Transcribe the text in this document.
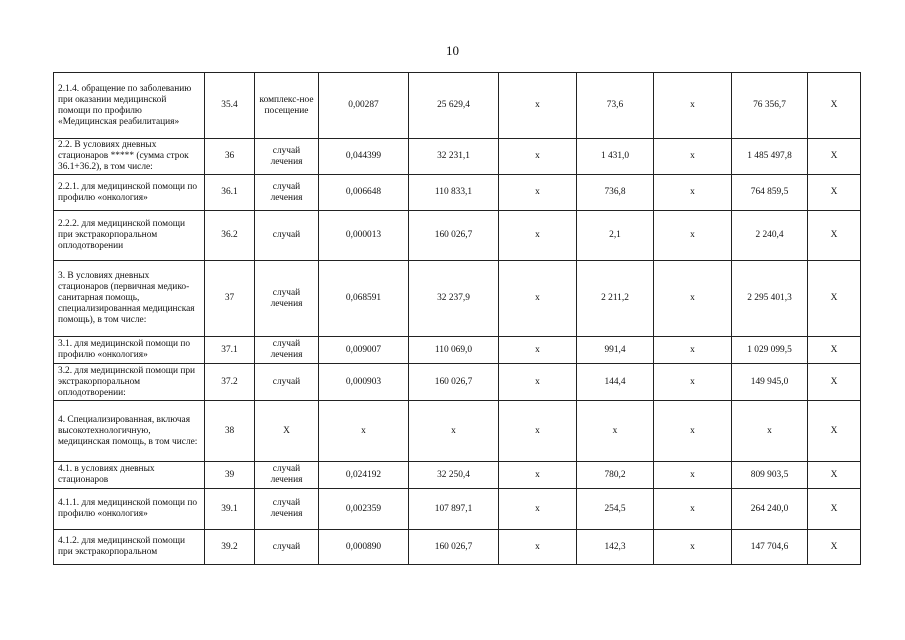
10
2.1.4. обращение по заболеванию при оказании медицинской помощи по профилю «Медицинская реабилитация»	35.4	комплекс-ное посещение	0,00287	25 629,4	x	73,6	x	76 356,7	X
2.2. В условиях дневных стационаров ***** (сумма строк 36.1+36.2), в том числе:	36	случай лечения	0,044399	32 231,1	x	1 431,0	x	1 485 497,8	X
2.2.1. для медицинской помощи по профилю «онкология»	36.1	случай лечения	0,006648	110 833,1	x	736,8	x	764 859,5	X
2.2.2. для медицинской помощи при экстракорпоральном оплодотворении	36.2	случай	0,000013	160 026,7	x	2,1	x	2 240,4	X
3. В условиях дневных стационаров (первичная медико-санитарная помощь, специализированная медицинская помощь), в том числе:	37	случай лечения	0,068591	32 237,9	x	2 211,2	x	2 295 401,3	X
3.1. для медицинской помощи по профилю «онкология»	37.1	случай лечения	0,009007	110 069,0	x	991,4	x	1 029 099,5	X
3.2. для медицинской помощи при экстракорпоральном оплодотворении:	37.2	случай	0,000903	160 026,7	x	144,4	x	149 945,0	X
4. Специализированная, включая высокотехнологичную, медицинская помощь, в том числе:	38	X	x	x	x	x	x	x	X
4.1. в условиях дневных стационаров	39	случай лечения	0,024192	32 250,4	x	780,2	x	809 903,5	X
4.1.1. для медицинской помощи по профилю «онкология»	39.1	случай лечения	0,002359	107 897,1	x	254,5	x	264 240,0	X
4.1.2. для медицинской помощи при экстракорпоральном	39.2	случай	0,000890	160 026,7	x	142,3	x	147 704,6	X
